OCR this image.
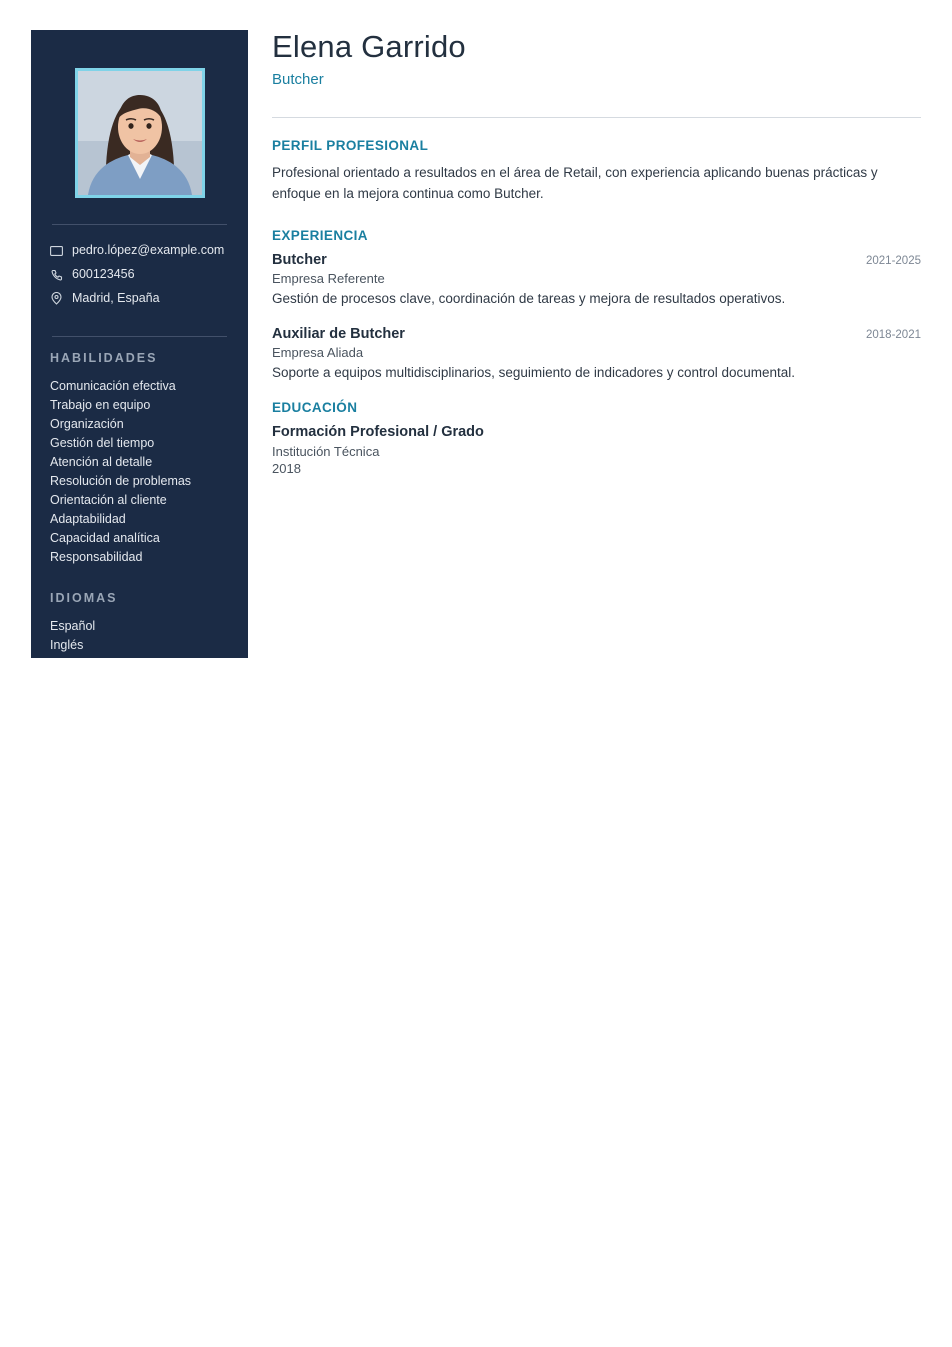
pedro.lópez@example.com
600123456
Madrid, España
HABILIDADES
Comunicación efectiva
Trabajo en equipo
Organización
Gestión del tiempo
Atención al detalle
Resolución de problemas
Orientación al cliente
Adaptabilidad
Capacidad analítica
Responsabilidad
IDIOMAS
Español
Inglés
Elena Garrido
Butcher
PERFIL PROFESIONAL

Profesional orientado a resultados en el área de Retail, con experiencia aplicando buenas prácticas y enfoque en la mejora continua como Butcher.

EXPERIENCIA
Butcher	2021-2025
Empresa Referente
Gestión de procesos clave, coordinación de tareas y mejora de resultados operativos.
Auxiliar de Butcher	2018-2021
Empresa Aliada
Soporte a equipos multidisciplinarios, seguimiento de indicadores y control documental.
EDUCACIÓN
Formación Profesional / Grado
Institución Técnica
2018
